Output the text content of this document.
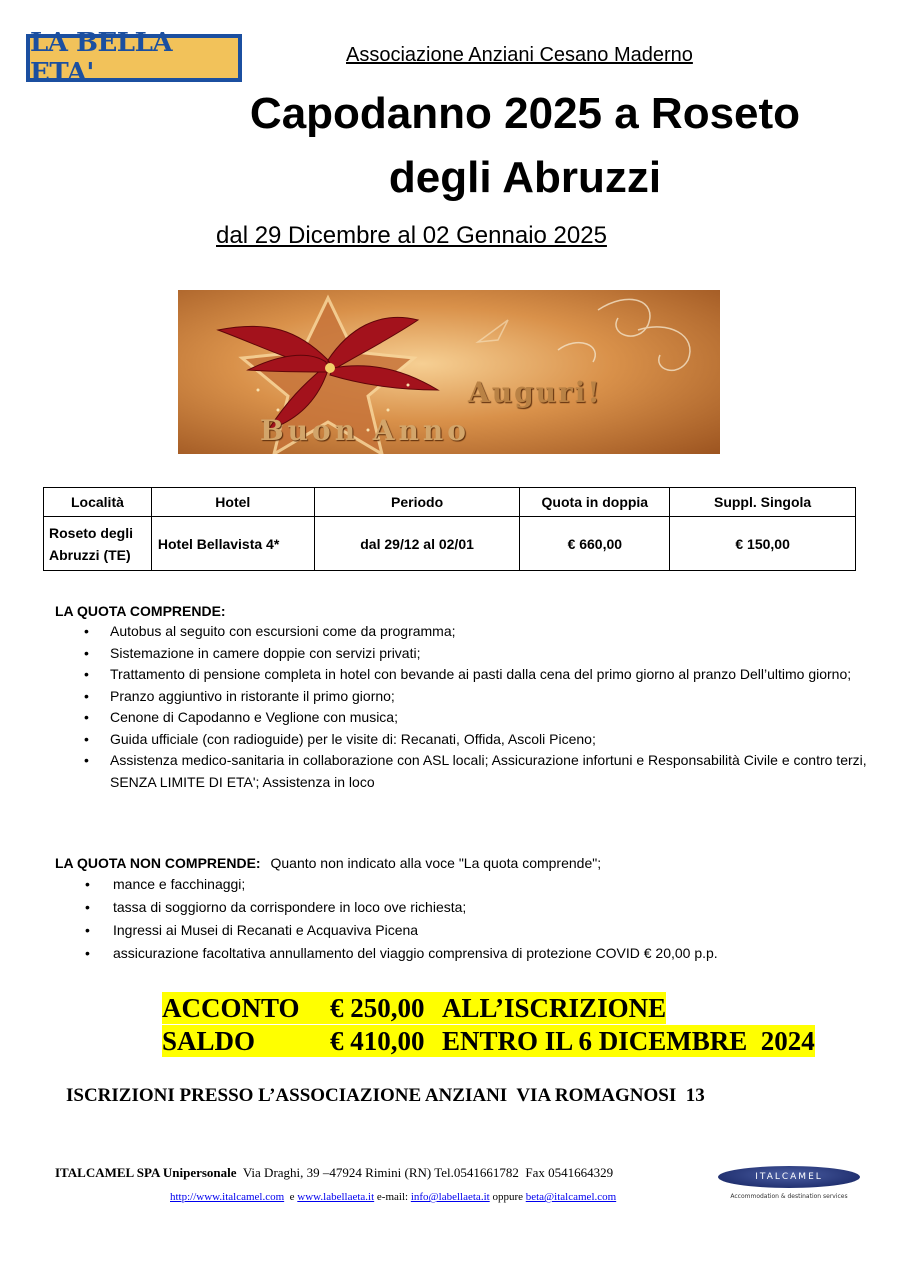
LA BELLA ETA'
Associazione Anziani Cesano Maderno
Capodanno 2025 a Roseto
degli Abruzzi
dal 29 Dicembre al 02 Gennaio 2025
Auguri!
Buon Anno
Località	Hotel	Periodo	Quota in doppia	Suppl. Singola
Roseto degli Abruzzi (TE)	Hotel Bellavista 4*	dal 29/12 al 02/01	€ 660,00	€ 150,00
LA QUOTA COMPRENDE:
• Autobus al seguito con escursioni come da programma;
• Sistemazione in camere doppie con servizi privati;
• Trattamento di pensione completa in hotel con bevande ai pasti dalla cena del primo giorno al pranzo Dell’ultimo giorno;
• Pranzo aggiuntivo in ristorante il primo giorno;
• Cenone di Capodanno e Veglione con musica;
• Guida ufficiale (con radioguide) per le visite di: Recanati, Offida, Ascoli Piceno;
• Assistenza medico-sanitaria in collaborazione con ASL locali; Assicurazione infortuni e Responsabilità Civile e contro terzi, SENZA LIMITE DI ETA'; Assistenza in loco
LA QUOTA NON COMPRENDE: Quanto non indicato alla voce "La quota comprende";
• mance e facchinaggi;
• tassa di soggiorno da corrispondere in loco ove richiesta;
• Ingressi ai Musei di Recanati e Acquaviva Picena
• assicurazione facoltativa annullamento del viaggio comprensiva di protezione COVID € 20,00 p.p.
ACCONTO € 250,00 ALL’ISCRIZIONE
SALDO	€ 410,00 ENTRO IL 6 DICEMBRE  2024
ISCRIZIONI PRESSO L’ASSOCIAZIONE ANZIANI  VIA ROMAGNOSI  13
ITALCAMEL SPA Unipersonale Via Draghi, 39 –47924 Rimini (RN) Tel.0541661782  Fax 0541664329
http://www.italcamel.com e www.labellaeta.it e-mail: info@labellaeta.it oppure beta@italcamel.com
ITALCAMEL
Accommodation & destination services
